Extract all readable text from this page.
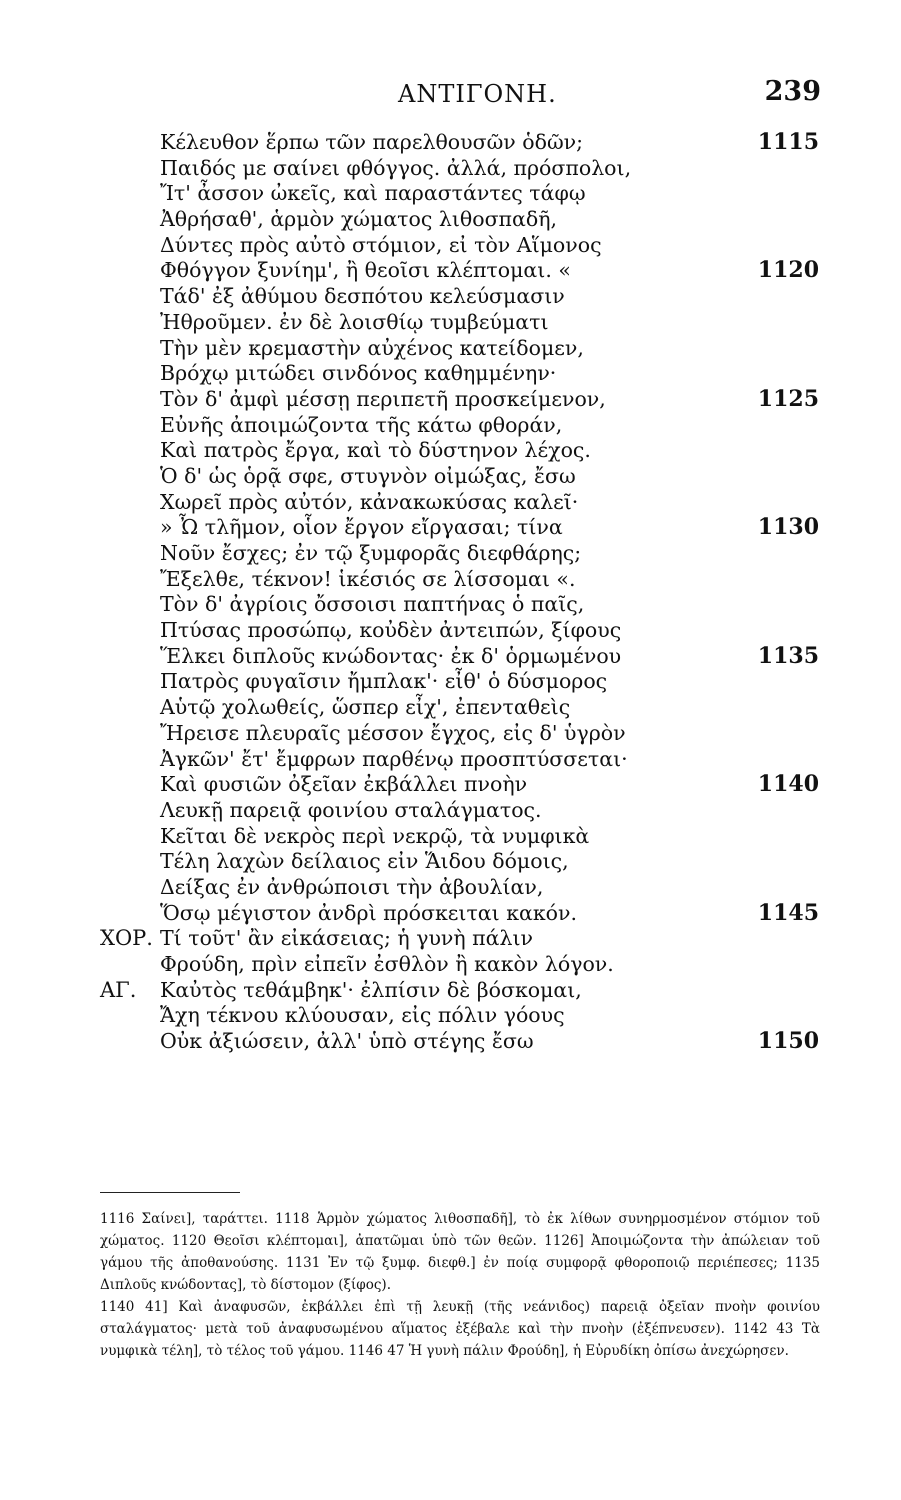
ΑΝΤΙΓΟΝΗ.	239
Κέλευθον ἕρπω τῶν παρελθουσῶν ὁδῶν;	1115
Παιδός με σαίνει φθόγγος. ἀλλά, πρόσπολοι,
Ἴτ' ἆσσον ὠκεῖς, καὶ παραστάντες τάφῳ
Ἀθρήσαθ', ἁρμὸν χώματος λιθοσπαδῆ,
Δύντες πρὸς αὐτὸ στόμιον, εἰ τὸν Αἵμονος
Φθόγγον ξυνίημ', ἢ θεοῖσι κλέπτομαι. «	1120
Τάδ' ἐξ ἀθύμου δεσπότου κελεύσμασιν
Ἠθροῦμεν. ἐν δὲ λοισθίῳ τυμβεύματι
Τὴν μὲν κρεμαστὴν αὐχένος κατείδομεν,
Βρόχῳ μιτώδει σινδόνος καθημμένην·
Τὸν δ' ἀμφὶ μέσσῃ περιπετῆ προσκείμενον,	1125
Εὐνῆς ἀποιμώζοντα τῆς κάτω φθοράν,
Καὶ πατρὸς ἔργα, καὶ τὸ δύστηνον λέχος.
Ὁ δ' ὡς ὁρᾷ σφε, στυγνὸν οἰμώξας, ἔσω
Χωρεῖ πρὸς αὐτόν, κἀνακωκύσας καλεῖ·
» Ὦ τλῆμον, οἷον ἔργον εἴργασαι; τίνα	1130
Νοῦν ἔσχες; ἐν τῷ ξυμφορᾶς διεφθάρης;
Ἔξελθε, τέκνον! ἱκέσιός σε λίσσομαι «.
Τὸν δ' ἀγρίοις ὄσσοισι παπτήνας ὁ παῖς,
Πτύσας προσώπῳ, κοὐδὲν ἀντειπών, ξίφους
Ἕλκει διπλοῦς κνώδοντας· ἐκ δ' ὁρμωμένου	1135
Πατρὸς φυγαῖσιν ἤμπλακ'· εἶθ' ὁ δύσμορος
Αὑτῷ χολωθείς, ὥσπερ εἶχ', ἐπενταθεὶς
Ἤρεισε πλευραῖς μέσσον ἔγχος, εἰς δ' ὑγρὸν
Ἀγκῶν' ἔτ' ἔμφρων παρθένῳ προσπτύσσεται·
Καὶ φυσιῶν ὀξεῖαν ἐκβάλλει πνοὴν	1140
Λευκῇ παρειᾷ φοινίου σταλάγματος.
Κεῖται δὲ νεκρὸς περὶ νεκρῷ, τὰ νυμφικὰ
Τέλη λαχὼν δείλαιος εἰν Ἅιδου δόμοις,
Δείξας ἐν ἀνθρώποισι τὴν ἀβουλίαν,
Ὅσῳ μέγιστον ἀνδρὶ πρόσκειται κακόν.	1145
ΧΟΡ. Τί τοῦτ' ἂν εἰκάσειας; ἡ γυνὴ πάλιν
Φρούδη, πρὶν εἰπεῖν ἐσθλὸν ἢ κακὸν λόγον.
ΑΓ. Καὐτὸς τεθάμβηκ'· ἐλπίσιν δὲ βόσκομαι,
Ἄχη τέκνου κλύουσαν, εἰς πόλιν γόους
Οὐκ ἀξιώσειν, ἀλλ' ὑπὸ στέγης ἔσω	1150

1116 Σαίνει], ταράττει. 1118 Ἁρμὸν χώματος λιθοσπαδῆ], τὸ ἐκ λίθων συνηρμοσμένον στόμιον τοῦ χώματος. 1120 Θεοῖσι κλέπτομαι], ἀπατῶμαι ὑπὸ τῶν θεῶν. 1126] Ἀποιμώζοντα τὴν ἀπώλειαν τοῦ γάμου τῆς ἀποθανούσης. 1131 Ἐν τῷ ξυμφ. διεφθ.] ἐν ποίᾳ συμφορᾷ φθοροποιῷ περιέπεσες; 1135 Διπλοῦς κνώδοντας], τὸ δίστομον (ξίφος).

1140 41] Καὶ ἀναφυσῶν, ἐκβάλλει ἐπὶ τῇ λευκῇ (τῆς νεάνιδος) παρειᾷ ὀξεῖαν πνοὴν φοινίου σταλάγματος· μετὰ τοῦ ἀναφυσωμένου αἵματος ἐξέβαλε καὶ τὴν πνοὴν (ἐξέπνευσεν). 1142 43 Τὰ νυμφικὰ τέλη], τὸ τέλος τοῦ γάμου. 1146 47 Ἡ γυνὴ πάλιν Φρούδη], ἡ Εὐρυδίκη ὀπίσω ἀνεχώρησεν.
